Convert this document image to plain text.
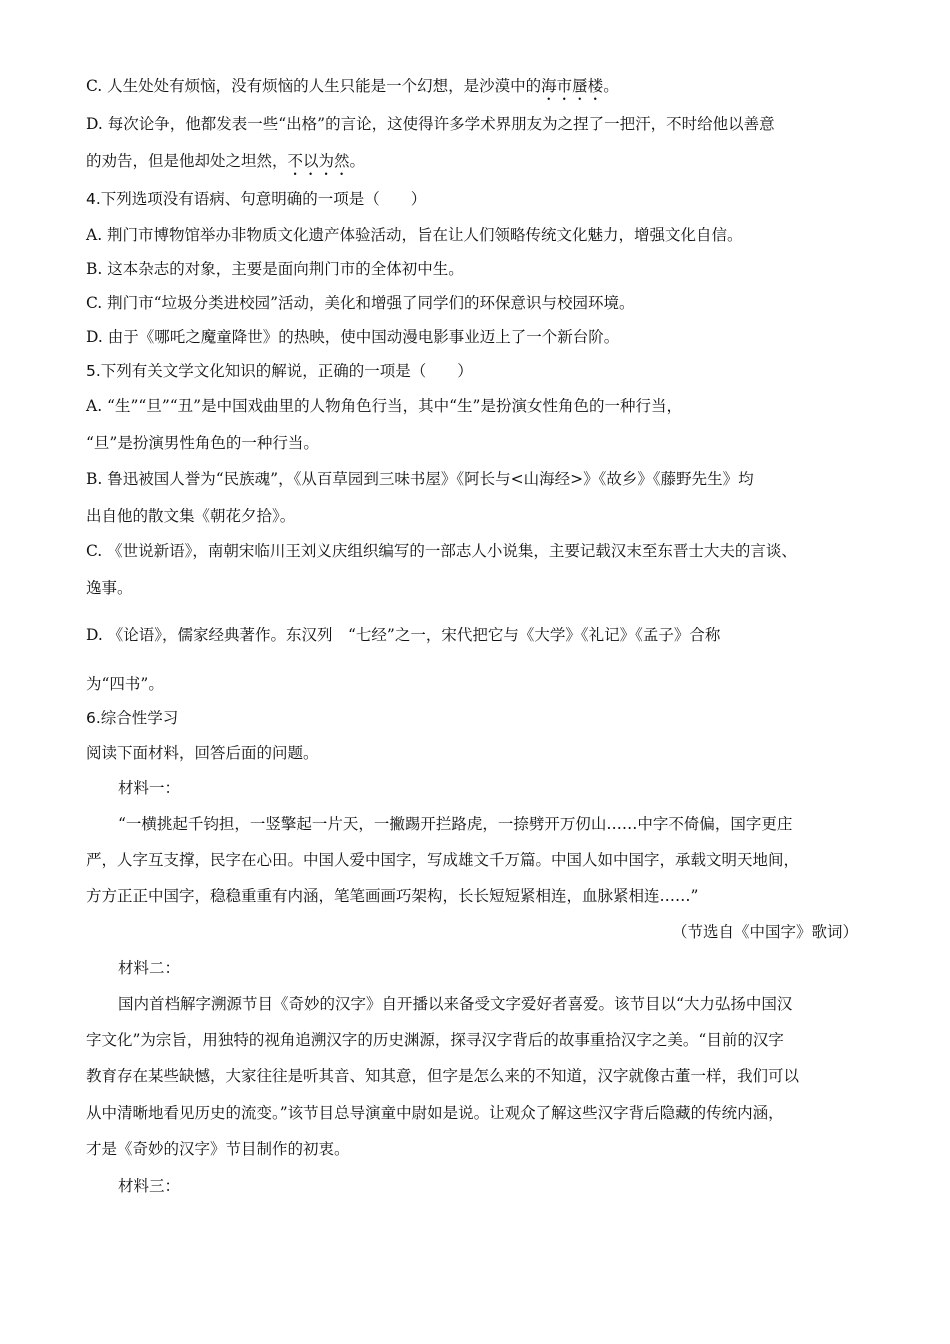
C. 人生处处有烦恼，没有烦恼的人生只能是一个幻想，是沙漠中的海市蜃楼。
D. 每次论争，他都发表一些“出格”的言论，这使得许多学术界朋友为之捏了一把汗，不时给他以善意
的劝告，但是他却处之坦然，不以为然。
4.下列选项没有语病、句意明确的一项是（　　）
A. 荆门市博物馆举办非物质文化遗产体验活动，旨在让人们领略传统文化魅力，增强文化自信。
B. 这本杂志的对象，主要是面向荆门市的全体初中生。
C. 荆门市“垃圾分类进校园”活动，美化和增强了同学们的环保意识与校园环境。
D. 由于《哪吒之魔童降世》的热映，使中国动漫电影事业迈上了一个新台阶。
5.下列有关文学文化知识的解说，正确的一项是（　　）
A. “生”“旦”“丑”是中国戏曲里的人物角色行当，其中“生”是扮演女性角色的一种行当，
“旦”是扮演男性角色的一种行当。
B. 鲁迅被国人誉为“民族魂”，《从百草园到三味书屋》《阿长与<山海经>》《故乡》《藤野先生》均
出自他的散文集《朝花夕拾》。
C. 《世说新语》，南朝宋临川王刘义庆组织编写的一部志人小说集，主要记载汉末至东晋士大夫的言谈、
逸事。
D. 《论语》，儒家经典著作。东汉列　“七经”之一，宋代把它与《大学》《礼记》《孟子》合称
为“四书”。
6.综合性学习
阅读下面材料，回答后面的问题。
材料一：
“一横挑起千钧担，一竖擎起一片天，一撇踢开拦路虎，一捺劈开万仞山……中字不倚偏，国字更庄
严，人字互支撑，民字在心田。中国人爱中国字，写成雄文千万篇。中国人如中国字，承载文明天地间，
方方正正中国字，稳稳重重有内涵，笔笔画画巧架构，长长短短紧相连，血脉紧相连……”
（节选自《中国字》歌词）
材料二：
国内首档解字溯源节目《奇妙的汉字》自开播以来备受文字爱好者喜爱。该节目以“大力弘扬中国汉
字文化”为宗旨，用独特的视角追溯汉字的历史渊源，探寻汉字背后的故事重拾汉字之美。“目前的汉字
教育存在某些缺憾，大家往往是听其音、知其意，但字是怎么来的不知道，汉字就像古董一样，我们可以
从中清晰地看见历史的流变。”该节目总导演童中尉如是说。让观众了解这些汉字背后隐藏的传统内涵，
才是《奇妙的汉字》节目制作的初衷。
材料三：
